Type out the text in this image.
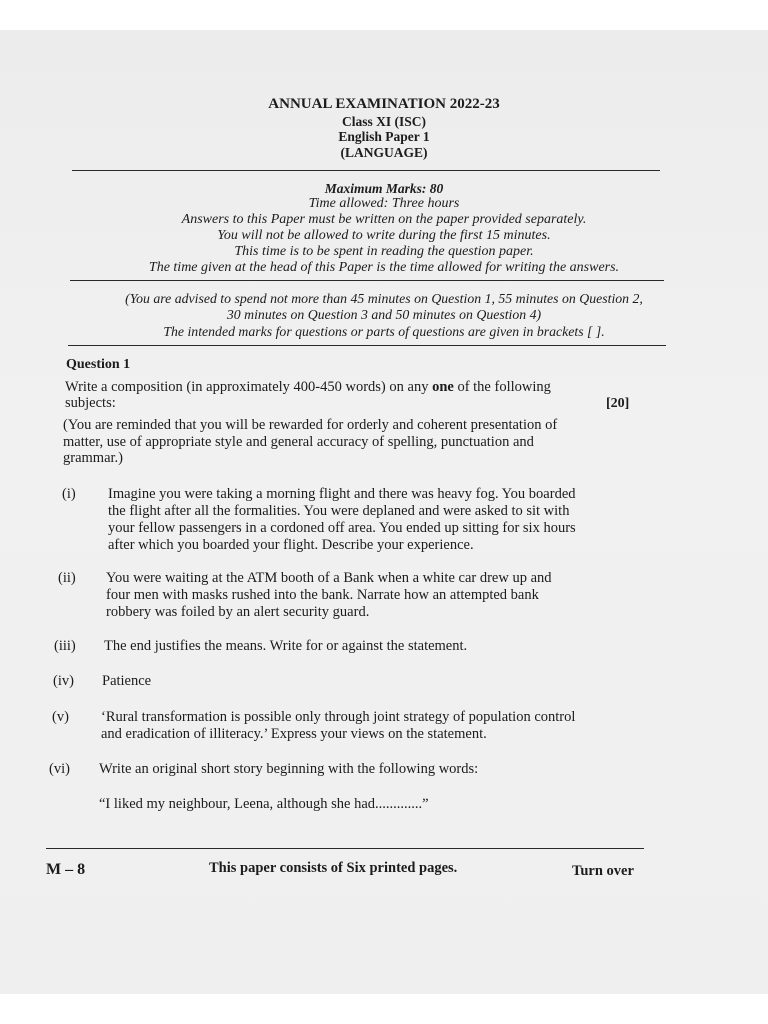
ANNUAL EXAMINATION 2022-23
Class XI (ISC)
English Paper 1
(LANGUAGE)
Maximum Marks: 80
Time allowed: Three hours
Answers to this Paper must be written on the paper provided separately.
You will not be allowed to write during the first 15 minutes.
This time is to be spent in reading the question paper.
The time given at the head of this Paper is the time allowed for writing the answers.
(You are advised to spend not more than 45 minutes on Question 1, 55 minutes on Question 2,
30 minutes on Question 3 and 50 minutes on Question 4)
The intended marks for questions or parts of questions are given in brackets [ ].
Question 1
Write a composition (in approximately 400-450 words) on any one of the following
subjects:	[20]
(You are reminded that you will be rewarded for orderly and coherent presentation of
matter, use of appropriate style and general accuracy of spelling, punctuation and
grammar.)
(i) Imagine you were taking a morning flight and there was heavy fog. You boarded
the flight after all the formalities. You were deplaned and were asked to sit with
your fellow passengers in a cordoned off area. You ended up sitting for six hours
after which you boarded your flight. Describe your experience.
(ii) You were waiting at the ATM booth of a Bank when a white car drew up and
four men with masks rushed into the bank. Narrate how an attempted bank
robbery was foiled by an alert security guard.
(iii) The end justifies the means. Write for or against the statement.
(iv) Patience
(v) ‘Rural transformation is possible only through joint strategy of population control
and eradication of illiteracy.’ Express your views on the statement.
(vi) Write an original short story beginning with the following words:
“I liked my neighbour, Leena, although she had.............”
M – 8	This paper consists of Six printed pages.	Turn over
